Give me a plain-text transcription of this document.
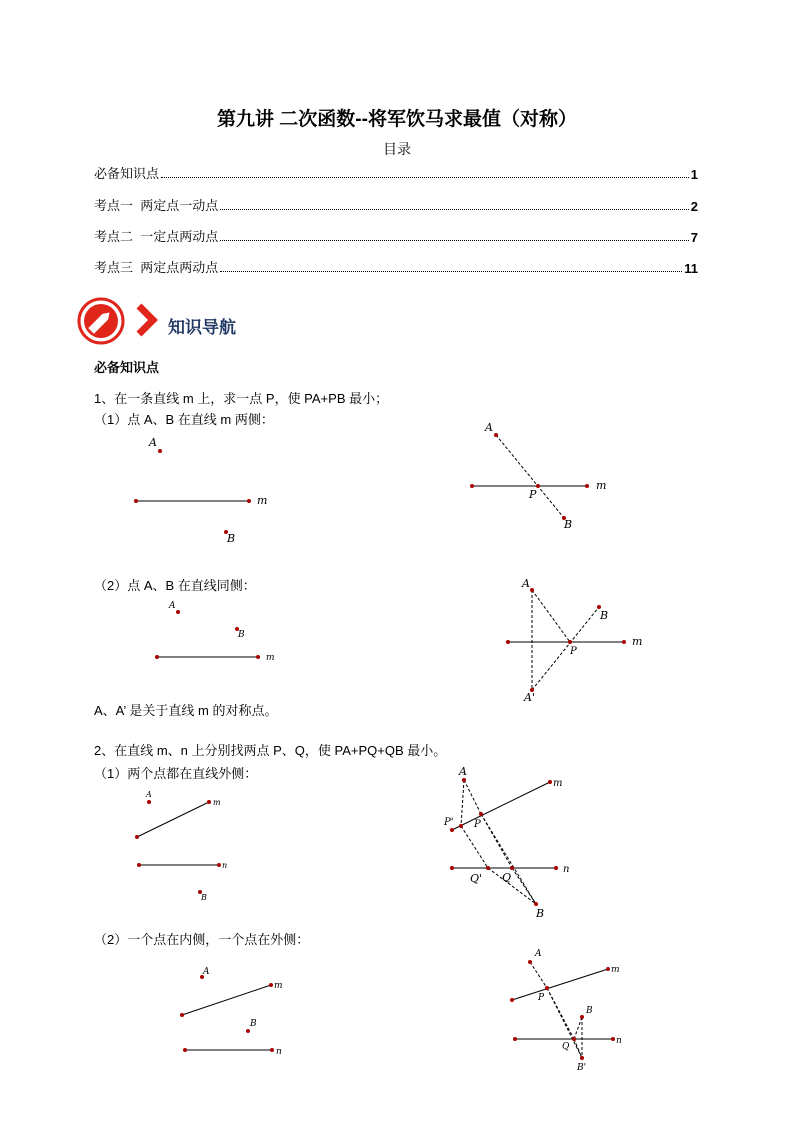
第九讲 二次函数--将军饮马求最值（对称）
目录
必备知识点	1
考点一  两定点一动点	2
考点二  一定点两动点	7
考点三  两定点两动点	11
知识导航
必备知识点
1、在一条直线 m 上，求一点 P，使 PA+PB 最小；
（1）点 A、B 在直线 m 两侧：
（2）点 A、B 在直线同侧：
A、A’ 是关于直线 m 的对称点。
2、在直线 m、n 上分别找两点 P、Q，使 PA+PQ+QB 最小。
（1）两个点都在直线外侧：
（2）一个点在内侧，一个点在外侧：
A
B
m
A
B
P
m
A
B
m
A
B
P
A'
m
A
B
m
n
A
P' P
Q' Q
B
m
n
A
B
m
n
A
P
Q
B
B'
m
n
